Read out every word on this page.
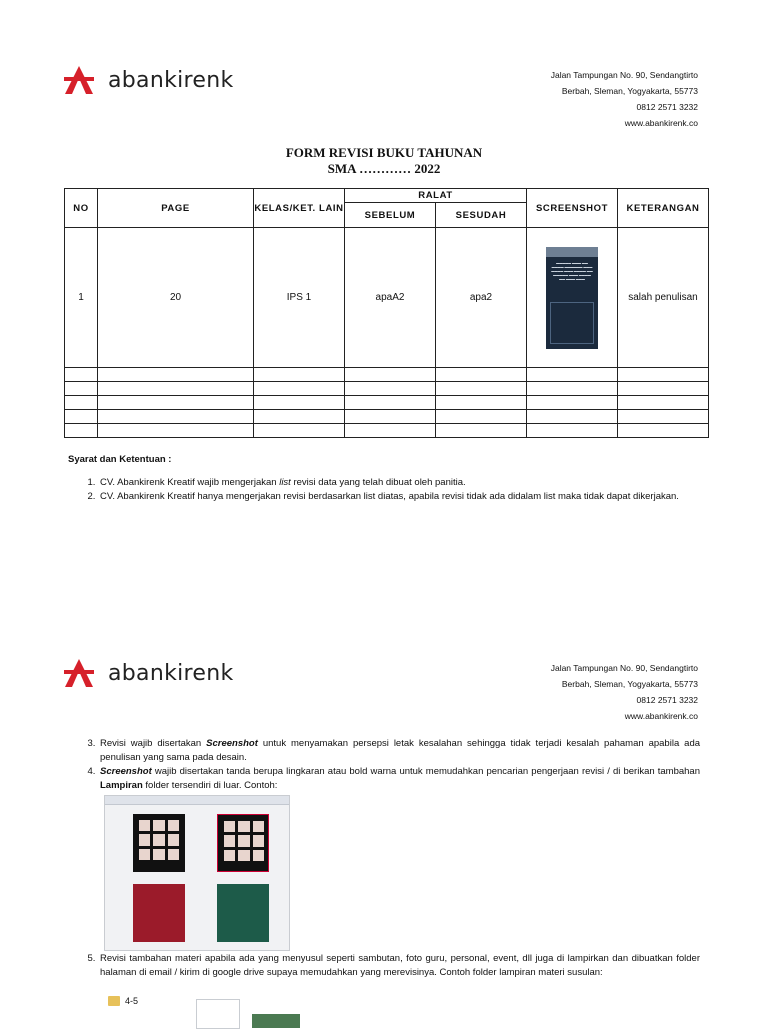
abankirenk	Jalan Tampungan No. 90, Sendangtirto
Berbah, Sleman, Yogyakarta, 55773
0812 2571 3232
www.abankirenk.co
FORM REVISI BUKU TAHUNAN
SMA ………… 2022
NO	PAGE	KELAS/KET. LAIN	RALAT		SCREENSHOT	KETERANGAN
			SEBELUM	SESUDAH		
1	20	IPS 1	apaA2	apa2	▬▬▬▬▬ ▬▬▬ ▬▬ ▬▬▬▬ ▬▬▬▬▬▬ ▬▬▬ ▬▬▬▬ ▬▬▬ ▬▬▬▬ ▬▬ ▬▬▬▬▬ ▬▬▬ ▬▬▬▬ ▬▬ ▬▬▬ ▬▬▬	salah penulisan

Syarat dan Ketentuan :
1. CV. Abankirenk Kreatif wajib mengerjakan list revisi data yang telah dibuat oleh panitia.
2. CV. Abankirenk Kreatif hanya mengerjakan revisi berdasarkan list diatas, apabila revisi tidak ada didalam list maka tidak dapat dikerjakan.
abankirenk	Jalan Tampungan No. 90, Sendangtirto
Berbah, Sleman, Yogyakarta, 55773
0812 2571 3232
www.abankirenk.co
3. Revisi wajib disertakan Screenshot untuk menyamakan persepsi letak kesalahan sehingga tidak terjadi kesalah pahaman apabila ada penulisan yang sama pada desain.
4. Screenshot wajib disertakan tanda berupa lingkaran atau bold warna untuk memudahkan pencarian pengerjaan revisi / di berikan tambahan Lampiran folder tersendiri di luar. Contoh:
5. Revisi tambahan materi apabila ada yang menyusul seperti sambutan, foto guru, personal, event, dll juga di lampirkan dan dibuatkan folder halaman di email / kirim di google drive supaya memudahkan yang merevisinya. Contoh folder lampiran materi susulan:
4-5
